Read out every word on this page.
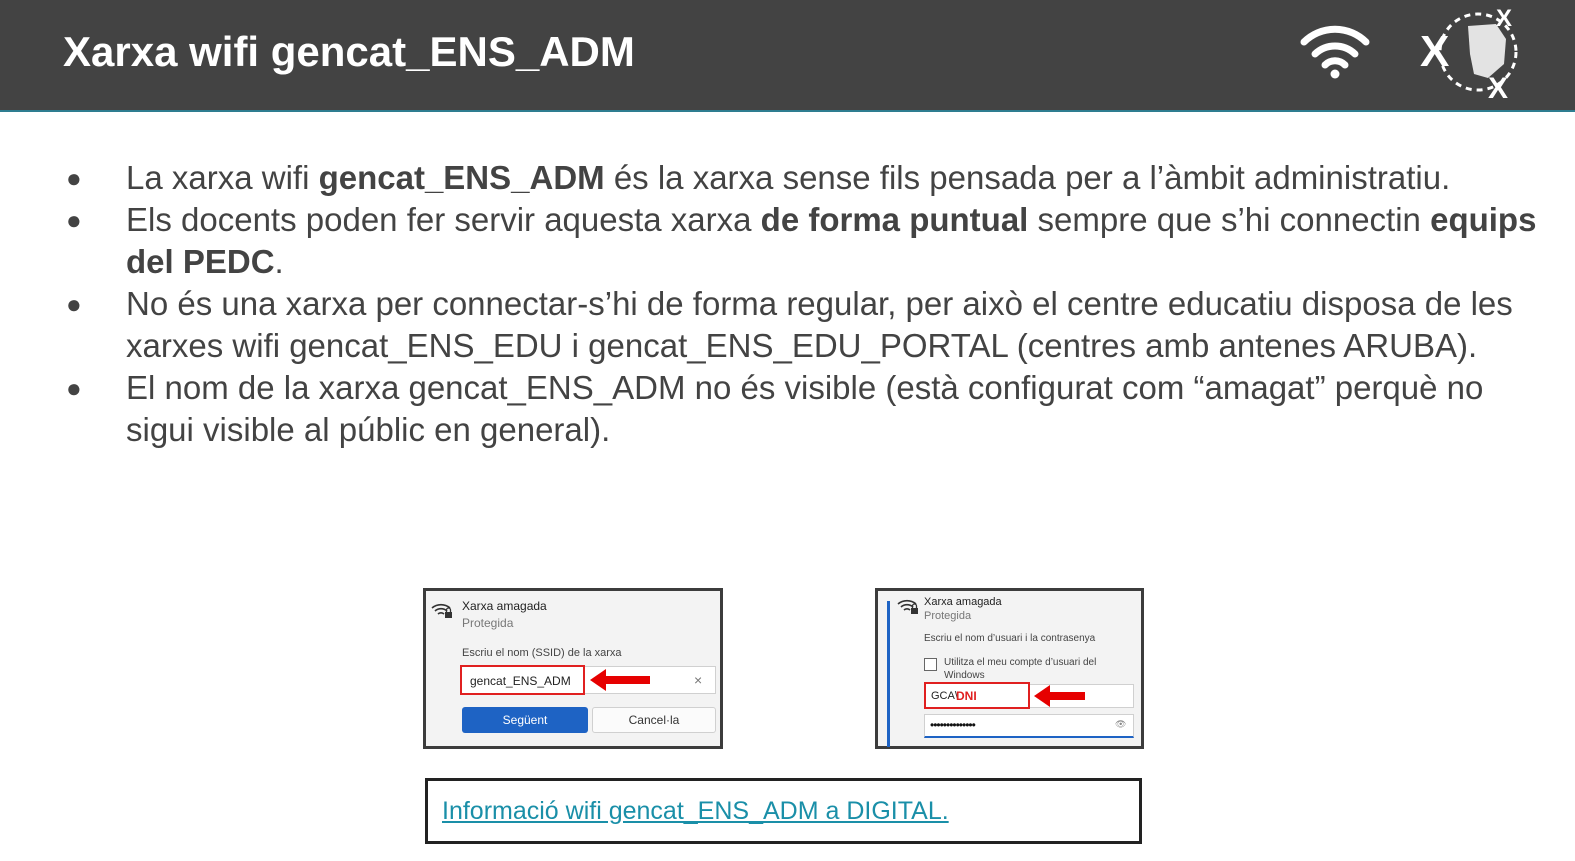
Xarxa wifi gencat_ENS_ADM	X
X
X
●	La xarxa wifi gencat_ENS_ADM és la xarxa sense fils pensada per a l’àmbit administratiu.
●	Els docents poden fer servir aquesta xarxa de forma puntual sempre que s’hi connectin equips del PEDC.
●	No és una xarxa per connectar-s’hi de forma regular, per això el centre educatiu disposa de les xarxes wifi gencat_ENS_EDU i gencat_ENS_EDU_PORTAL (centres amb antenes ARUBA).
●	El nom de la xarxa gencat_ENS_ADM no és visible (està configurat com “amagat” perquè no sigui visible al públic en general).
Xarxa amagada
Protegida
Escriu el nom (SSID) de la xarxa
gencat_ENS_ADM	×
Següent	Cancel·la
Xarxa amagada
Protegida
Escriu el nom d’usuari i la contrasenya
Utilitza el meu compte d’usuari del Windows
GCA\
DNI
••••••••••••••	👁
Informació wifi gencat_ENS_ADM a DIGITAL.
